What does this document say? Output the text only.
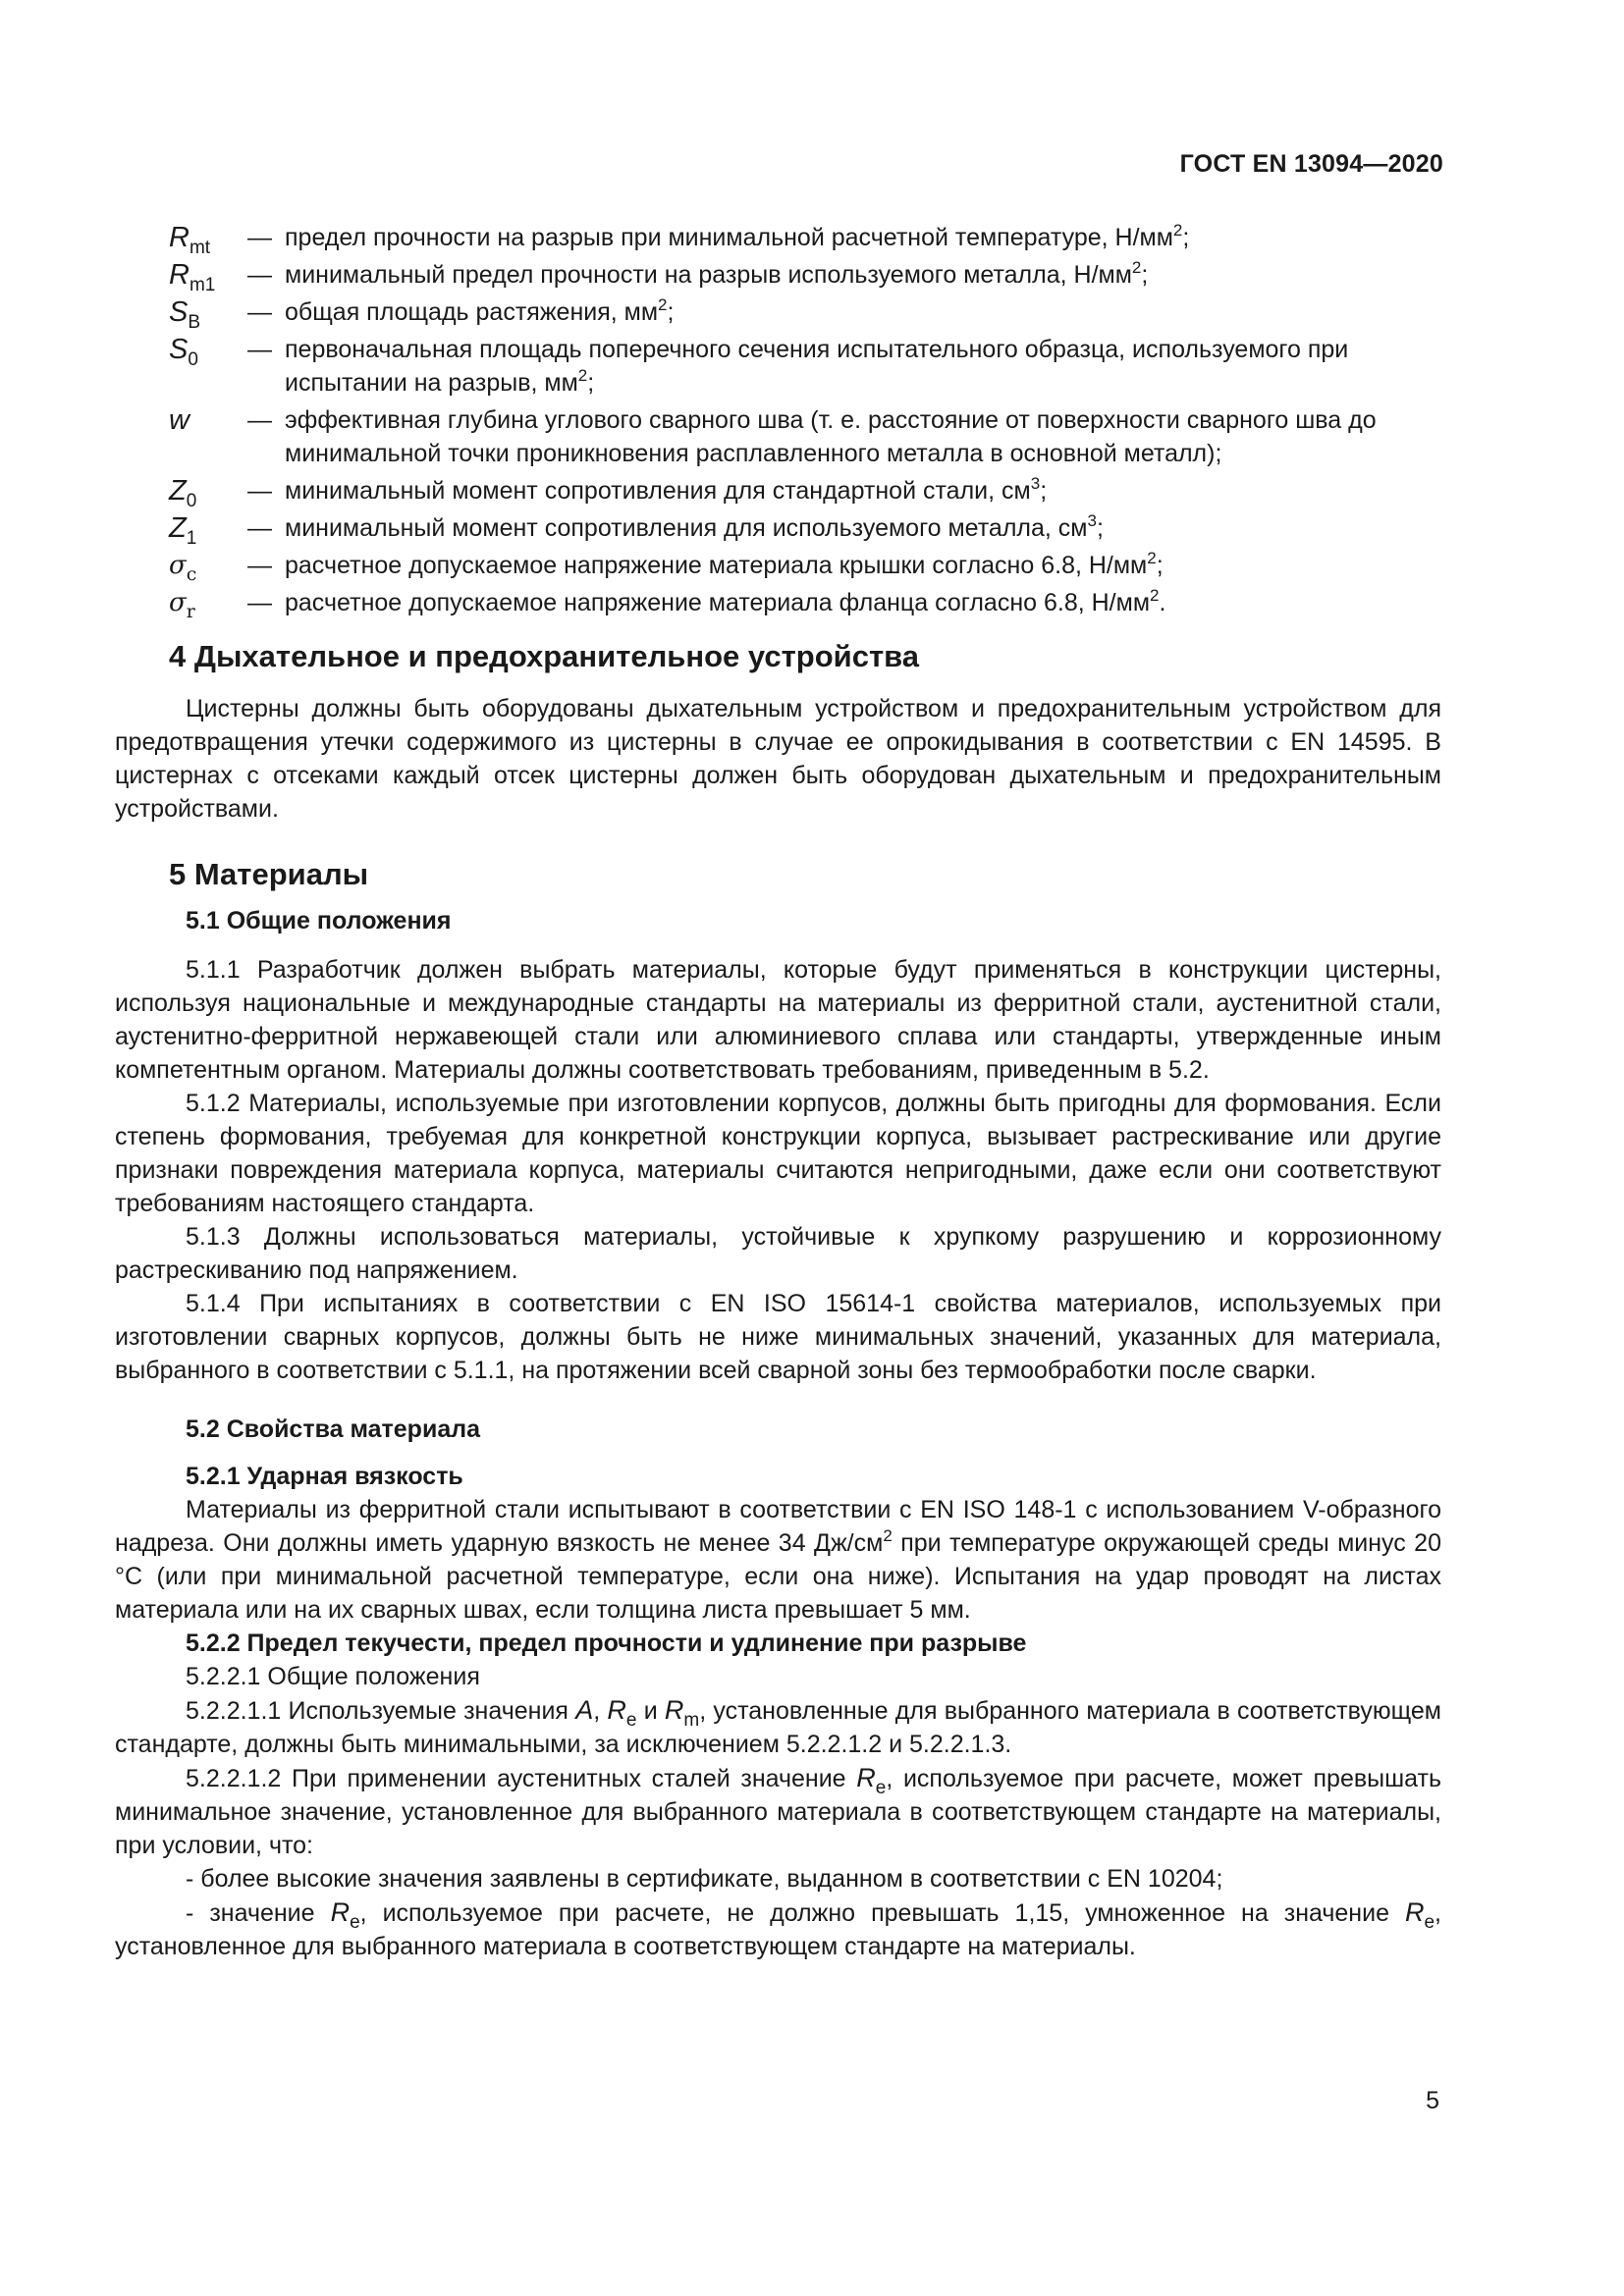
ГОСТ EN 13094—2020
$R_{mt}$	— предел прочности на разрыв при минимальной расчетной температуре, $Н/мм^2$;
$R_{m1}$	— минимальный предел прочности на разрыв используемого металла, $Н/мм^2$;
$S_B$	— общая площадь растяжения, $мм^2$;
$S_0$	— первоначальная площадь поперечного сечения испытательного образца, используемого при испытании на разрыв, $мм^2$;
w	— эффективная глубина углового сварного шва (т. е. расстояние от поверхности сварного шва до минимальной точки проникновения расплавленного металла в основной металл);
$Z_0$	— минимальный момент сопротивления для стандартной стали, $см^3$;
$Z_1$	— минимальный момент сопротивления для используемого металла, $см^3$;
$\sigma_c$	— расчетное допускаемое напряжение материала крышки согласно 6.8, $Н/мм^2$;
$\sigma_r$	— расчетное допускаемое напряжение материала фланца согласно 6.8, $Н/мм^2$.
4 Дыхательное и предохранительное устройства

Цистерны должны быть оборудованы дыхательным устройством и предохранительным устройством для предотвращения утечки содержимого из цистерны в случае ее опрокидывания в соответствии с EN 14595. В цистернах с отсеками каждый отсек цистерны должен быть оборудован дыхательным и предохранительным устройствами.

5 Материалы
5.1 Общие положения

5.1.1 Разработчик должен выбрать материалы, которые будут применяться в конструкции цистерны, используя национальные и международные стандарты на материалы из ферритной стали, аустенитной стали, аустенитно-ферритной нержавеющей стали или алюминиевого сплава или стандарты, утвержденные иным компетентным органом. Материалы должны соответствовать требованиям, приведенным в 5.2.

5.1.2 Материалы, используемые при изготовлении корпусов, должны быть пригодны для формования. Если степень формования, требуемая для конкретной конструкции корпуса, вызывает растрескивание или другие признаки повреждения материала корпуса, материалы считаются непригодными, даже если они соответствуют требованиям настоящего стандарта.

5.1.3 Должны использоваться материалы, устойчивые к хрупкому разрушению и коррозионному растрескиванию под напряжением.

5.1.4 При испытаниях в соответствии с EN ISO 15614-1 свойства материалов, используемых при изготовлении сварных корпусов, должны быть не ниже минимальных значений, указанных для материала, выбранного в соответствии с 5.1.1, на протяжении всей сварной зоны без термообработки после сварки.

5.2 Свойства материала
5.2.1 Ударная вязкость

Материалы из ферритной стали испытывают в соответствии с EN ISO 148-1 с использованием V-образного надреза. Они должны иметь ударную вязкость не менее 34 $Дж/см^2$ при температуре окружающей среды минус 20 °С (или при минимальной расчетной температуре, если она ниже). Испытания на удар проводят на листах материала или на их сварных швах, если толщина листа превышает 5 мм.

5.2.2 Предел текучести, предел прочности и удлинение при разрыве

5.2.2.1 Общие положения

5.2.2.1.1 Используемые значения A, $R_e$ и $R_m$, установленные для выбранного материала в соответствующем стандарте, должны быть минимальными, за исключением 5.2.2.1.2 и 5.2.2.1.3.

5.2.2.1.2 При применении аустенитных сталей значение $R_e$, используемое при расчете, может превышать минимальное значение, установленное для выбранного материала в соответствующем стандарте на материалы, при условии, что:

- более высокие значения заявлены в сертификате, выданном в соответствии с EN 10204;

- значение $R_e$, используемое при расчете, не должно превышать 1,15, умноженное на значение $R_e$, установленное для выбранного материала в соответствующем стандарте на материалы.

5
